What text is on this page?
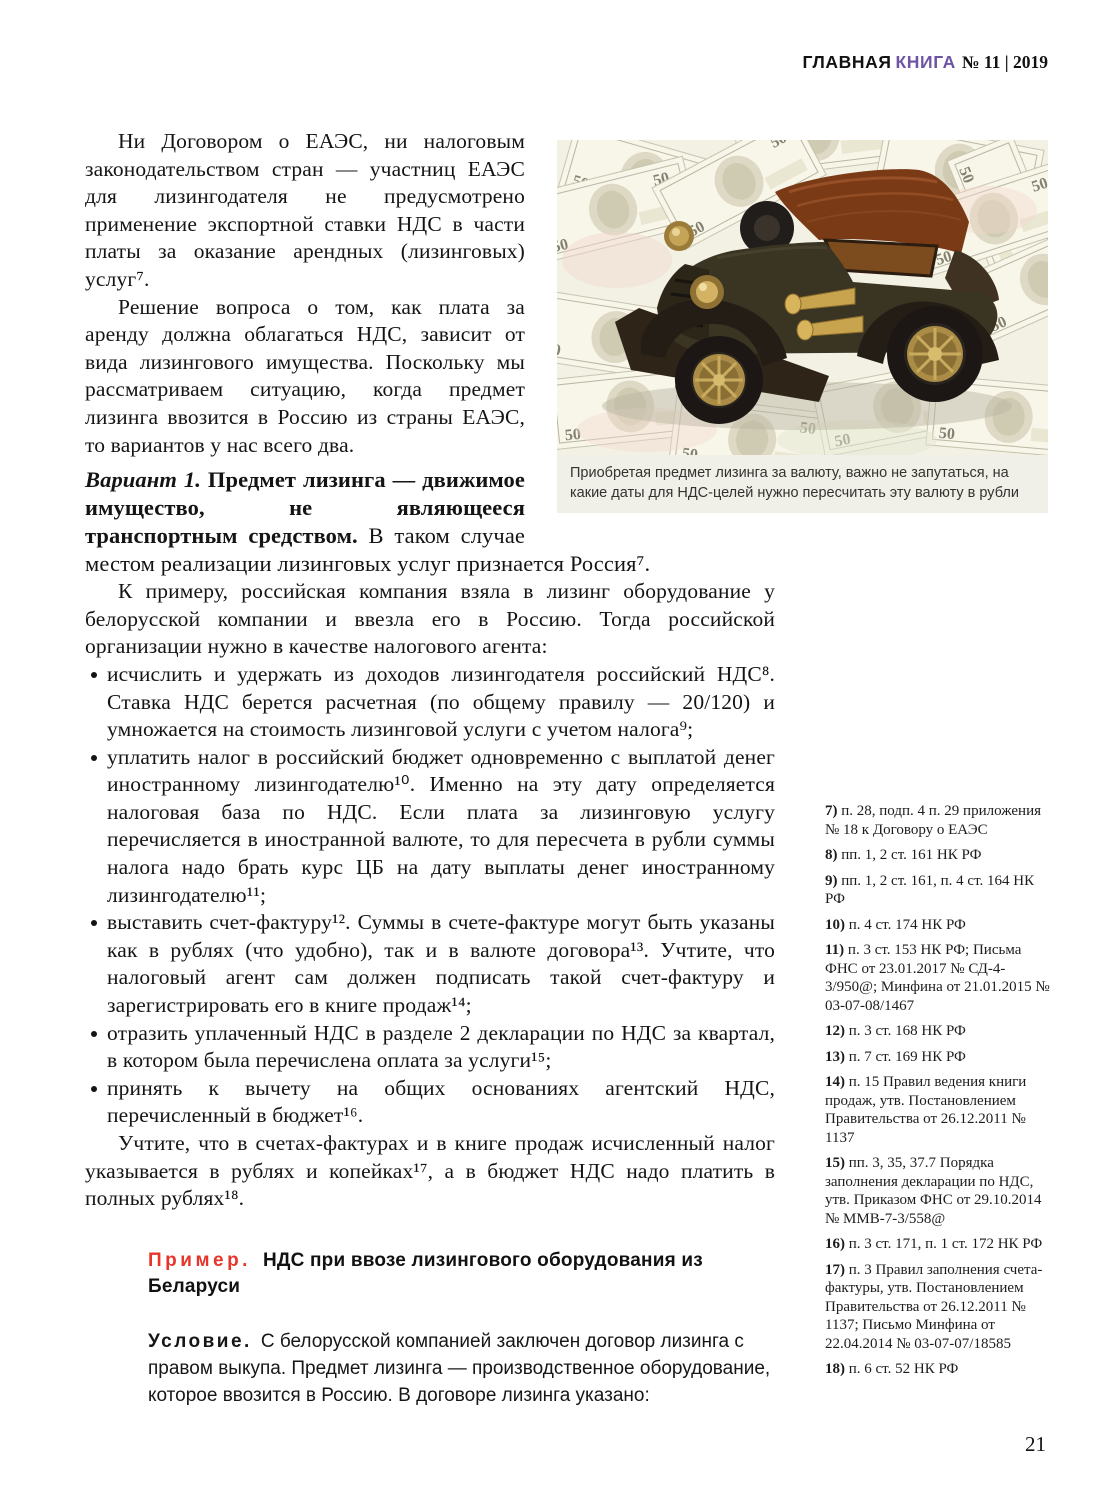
ГЛАВНАЯ КНИГА № 11 | 2019
Приобретая предмет лизинга за валюту, важно не запутаться, на какие даты для НДС-целей нужно пересчитать эту валюту в рубли

Ни Договором о ЕАЭС, ни налоговым законодательством стран — участниц ЕАЭС для лизингодателя не предусмотрено применение экспортной ставки НДС в части платы за оказание арендных (лизинговых) услуг⁷.

Решение вопроса о том, как плата за аренду должна облагаться НДС, зависит от вида лизингового имущества. Поскольку мы рассматриваем ситуацию, когда предмет лизинга ввозится в Россию из страны ЕАЭС, то вариантов у нас всего два.

Вариант 1. Предмет лизинга — движимое имущество, не являющееся транспортным средством. В таком случае местом реализации лизинговых услуг признается Россия⁷.

К примеру, российская компания взяла в лизинг оборудование у белорусской компании и ввезла его в Россию. Тогда российской организации нужно в качестве налогового агента:

исчислить и удержать из доходов лизингодателя российский НДС⁸. Ставка НДС берется расчетная (по общему правилу — 20/120) и умножается на стоимость лизинговой услуги с учетом налога⁹;
уплатить налог в российский бюджет одновременно с выплатой денег иностранному лизингодателю¹⁰. Именно на эту дату определяется налоговая база по НДС. Если плата за лизинговую услугу перечисляется в иностранной валюте, то для пересчета в рубли суммы налога надо брать курс ЦБ на дату выплаты денег иностранному лизингодателю¹¹;
выставить счет-фактуру¹². Суммы в счете-фактуре могут быть указаны как в рублях (что удобно), так и в валюте договора¹³. Учтите, что налоговый агент сам должен подписать такой счет-фактуру и зарегистрировать его в книге продаж¹⁴;
отразить уплаченный НДС в разделе 2 декларации по НДС за квартал, в котором была перечислена оплата за услуги¹⁵;
принять к вычету на общих основаниях агентский НДС, перечисленный в бюджет¹⁶.

Учтите, что в счетах-фактурах и в книге продаж исчисленный налог указывается в рублях и копейках¹⁷, а в бюджет НДС надо платить в полных рублях¹⁸.

7) п. 28, подп. 4 п. 29 приложения № 18 к Договору о ЕАЭС
8) пп. 1, 2 ст. 161 НК РФ
9) пп. 1, 2 ст. 161, п. 4 ст. 164 НК РФ
10) п. 4 ст. 174 НК РФ
11) п. 3 ст. 153 НК РФ; Письма ФНС от 23.01.2017 № СД-4-3/950@; Минфина от 21.01.2015 № 03-07-08/1467
12) п. 3 ст. 168 НК РФ
13) п. 7 ст. 169 НК РФ
14) п. 15 Правил ведения книги продаж, утв. Постановлением Правительства от 26.12.2011 № 1137
15) пп. 3, 35, 37.7 Порядка заполнения декларации по НДС, утв. Приказом ФНС от 29.10.2014 № ММВ-7-3/558@
16) п. 3 ст. 171, п. 1 ст. 172 НК РФ
17) п. 3 Правил заполнения счета-фактуры, утв. Постановлением Правительства от 26.12.2011 № 1137; Письмо Минфина от 22.04.2014 № 03-07-07/18585
18) п. 6 ст. 52 НК РФ

Пример. НДС при ввозе лизингового оборудования из Беларуси

Условие. С белорусской компанией заключен договор лизинга с правом выкупа. Предмет лизинга — производственное оборудование, которое ввозится в Россию. В договоре лизинга указано:

21
